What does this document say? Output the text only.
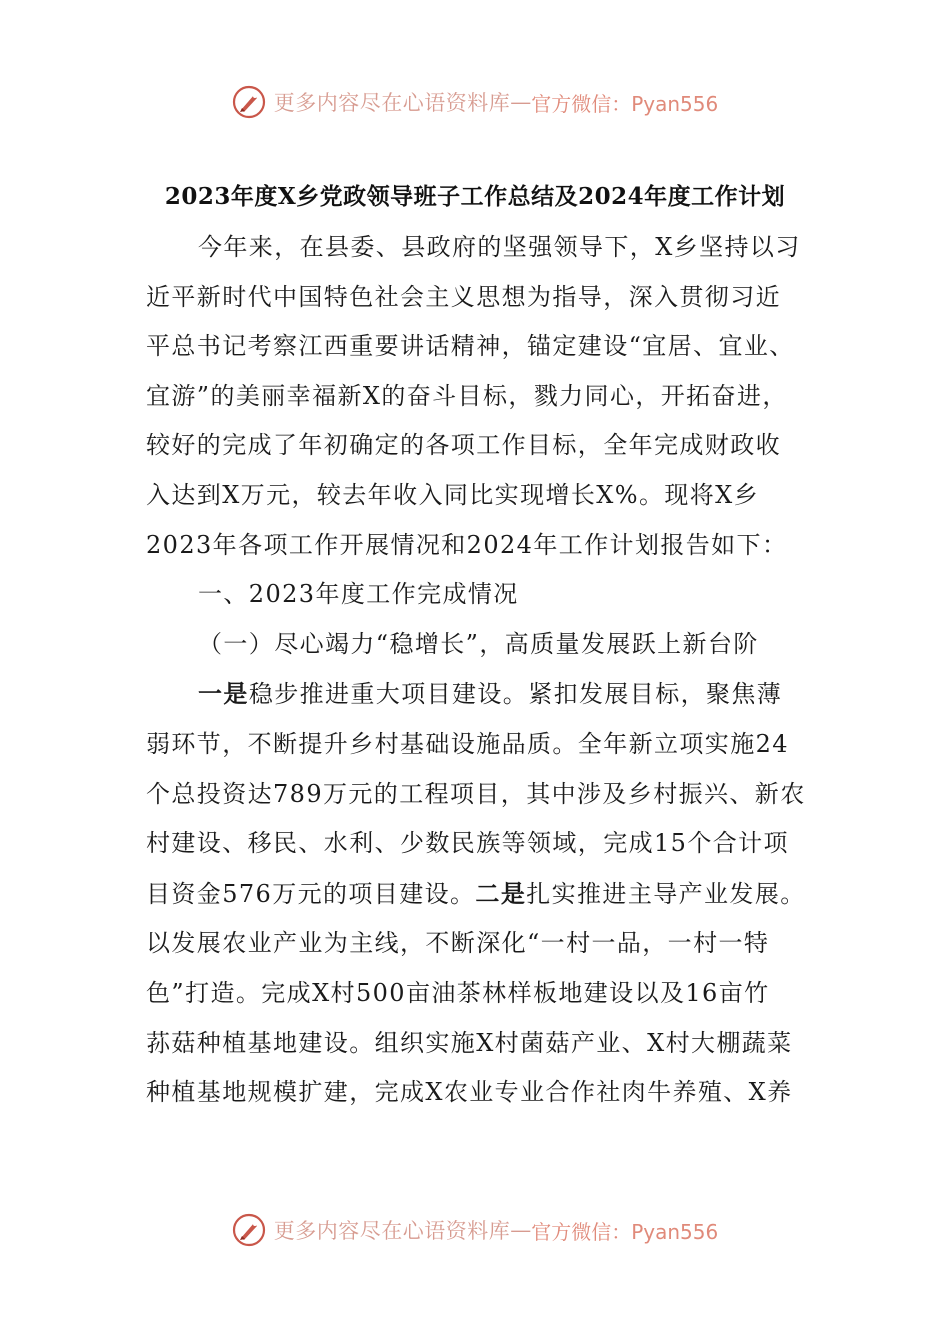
更多内容尽在心语资料库 — 官方微信：Pyan556
2023年度X乡党政领导班子工作总结及2024年度工作计划

今年来，在县委、县政府的坚强领导下，X乡坚持以习

近平新时代中国特色社会主义思想为指导，深入贯彻习近

平总书记考察江西重要讲话精神，锚定建设“宜居、宜业、

宜游”的美丽幸福新X的奋斗目标，戮力同心，开拓奋进，

较好的完成了年初确定的各项工作目标，全年完成财政收

入达到X万元，较去年收入同比实现增长X%。现将X乡

2023年各项工作开展情况和2024年工作计划报告如下：

一、2023年度工作完成情况

（一）尽心竭力“稳增长”，高质量发展跃上新台阶

一是稳步推进重大项目建设。紧扣发展目标，聚焦薄

弱环节，不断提升乡村基础设施品质。全年新立项实施24

个总投资达789万元的工程项目，其中涉及乡村振兴、新农

村建设、移民、水利、少数民族等领域，完成15个合计项

目资金576万元的项目建设。二是扎实推进主导产业发展。

以发展农业产业为主线，不断深化“一村一品，一村一特

色”打造。完成X村500亩油茶林样板地建设以及16亩竹

荪菇种植基地建设。组织实施X村菌菇产业、X村大棚蔬菜

种植基地规模扩建，完成X农业专业合作社肉牛养殖、X养

更多内容尽在心语资料库 — 官方微信：Pyan556
